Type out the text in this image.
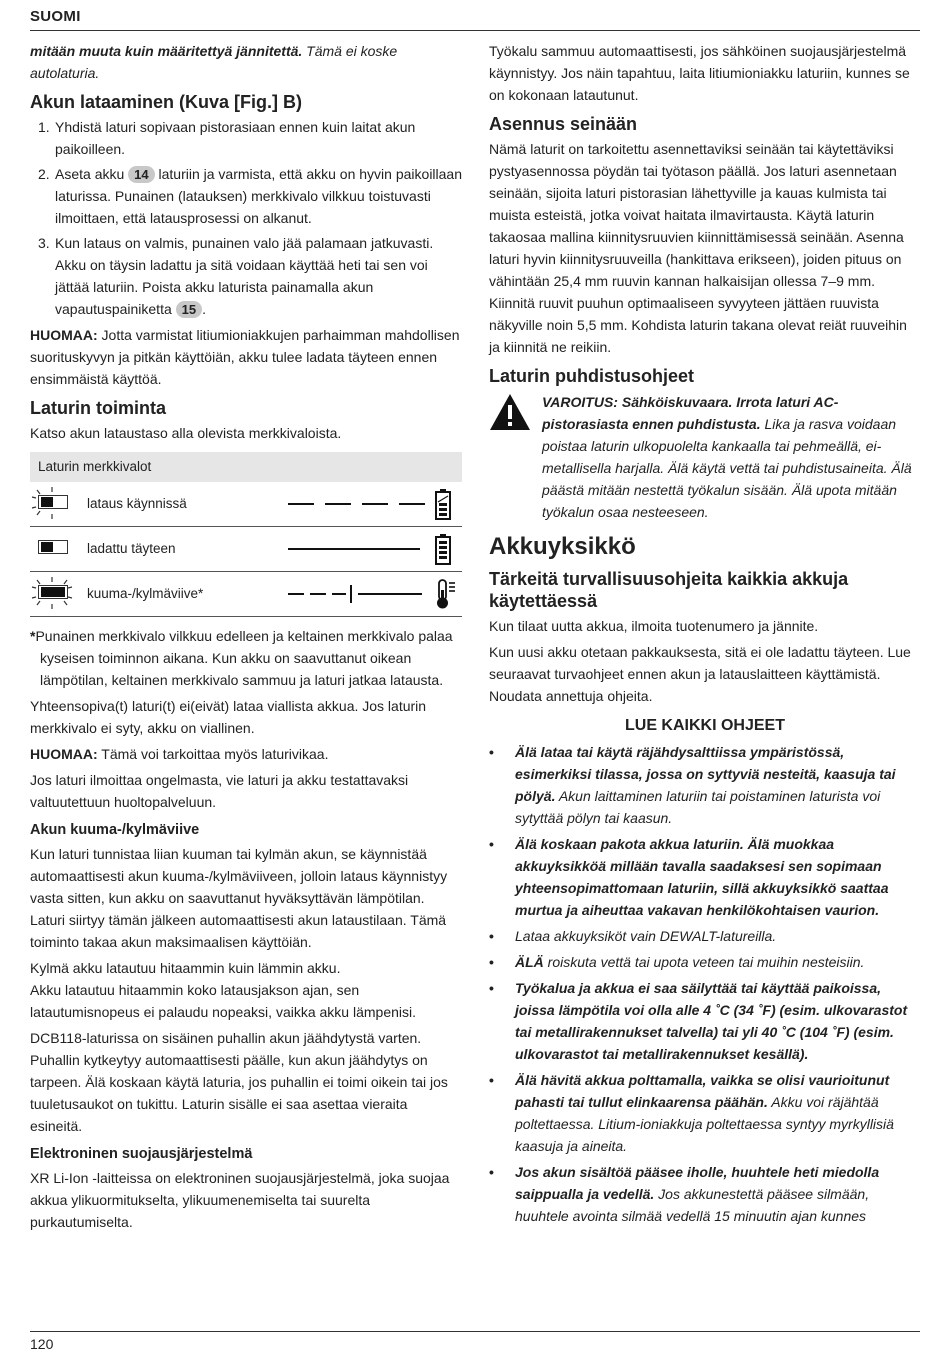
SUOMI

mitään muuta kuin määritettyä jännitettä. Tämä ei koske autolaturia.

Akun lataaminen (Kuva [Fig.] B)
1. Yhdistä laturi sopivaan pistorasiaan ennen kuin laitat akun paikoilleen.
2. Aseta akku 14 laturiin ja varmista, että akku on hyvin paikoillaan laturissa. Punainen (latauksen) merkkivalo vilkkuu toistuvasti ilmoittaen, että latausprosessi on alkanut.
3. Kun lataus on valmis, punainen valo jää palamaan jatkuvasti. Akku on täysin ladattu ja sitä voidaan käyttää heti tai sen voi jättää laturiin. Poista akku laturista painamalla akun vapautuspainiketta 15 .

HUOMAA: Jotta varmistat litiumioniakkujen parhaimman mahdollisen suorituskyvyn ja pitkän käyttöiän, akku tulee ladata täyteen ennen ensimmäistä käyttöä.

Laturin toiminta

Katso akun lataustaso alla olevista merkkivaloista.

Laturin merkkivalot
lataus käynnissä
ladattu täyteen
kuuma-/kylmäviive*

*Punainen merkkivalo vilkkuu edelleen ja keltainen merkkivalo palaa kyseisen toiminnon aikana. Kun akku on saavuttanut oikean lämpötilan, keltainen merkkivalo sammuu ja laturi jatkaa latausta.

Yhteensopiva(t) laturi(t) ei(eivät) lataa viallista akkua. Jos laturin merkkivalo ei syty, akku on viallinen.

HUOMAA: Tämä voi tarkoittaa myös laturivikaa.

Jos laturi ilmoittaa ongelmasta, vie laturi ja akku testattavaksi valtuutettuun huoltopalveluun.

Akun kuuma-/kylmäviive

Kun laturi tunnistaa liian kuuman tai kylmän akun, se käynnistää automaattisesti akun kuuma-/kylmäviiveen, jolloin lataus käynnistyy vasta sitten, kun akku on saavuttanut hyväksyttävän lämpötilan. Laturi siirtyy tämän jälkeen automaattisesti akun lataustilaan. Tämä toiminto takaa akun maksimaalisen käyttöiän.

Kylmä akku latautuu hitaammin kuin lämmin akku.

Akku latautuu hitaammin koko latausjakson ajan, sen latautumisnopeus ei palaudu nopeaksi, vaikka akku lämpenisi.

DCB118-laturissa on sisäinen puhallin akun jäähdytystä varten. Puhallin kytkeytyy automaattisesti päälle, kun akun jäähdytys on tarpeen. Älä koskaan käytä laturia, jos puhallin ei toimi oikein tai jos tuuletusaukot on tukittu. Laturin sisälle ei saa asettaa vieraita esineitä.

Elektroninen suojausjärjestelmä

XR Li-Ion -laitteissa on elektroninen suojausjärjestelmä, joka suojaa akkua ylikuormitukselta, ylikuumenemiselta tai suurelta purkautumiselta.

Työkalu sammuu automaattisesti, jos sähköinen suojausjärjestelmä käynnistyy. Jos näin tapahtuu, laita litiumioniakku laturiin, kunnes se on kokonaan latautunut.

Asennus seinään

Nämä laturit on tarkoitettu asennettaviksi seinään tai käytettäviksi pystyasennossa pöydän tai työtason päällä. Jos laturi asennetaan seinään, sijoita laturi pistorasian lähettyville ja kauas kulmista tai muista esteistä, jotka voivat haitata ilmavirtausta. Käytä laturin takaosaa mallina kiinnitysruuvien kiinnittämisessä seinään. Asenna laturi hyvin kiinnitysruuveilla (hankittava erikseen), joiden pituus on vähintään 25,4 mm ruuvin kannan halkaisijan ollessa 7–9 mm. Kiinnitä ruuvit puuhun optimaaliseen syvyyteen jättäen ruuvista näkyville noin 5,5 mm. Kohdista laturin takana olevat reiät ruuveihin ja kiinnitä ne reikiin.

Laturin puhdistusohjeet
VAROITUS: Sähköiskuvaara. Irrota laturi AC-pistorasiasta ennen puhdistusta. Lika ja rasva voidaan poistaa laturin ulkopuolelta kankaalla tai pehmeällä, ei-metallisella harjalla. Älä käytä vettä tai puhdistusaineita. Älä päästä mitään nestettä työkalun sisään. Älä upota mitään työkalun osaa nesteeseen.
Akkuyksikkö
Tärkeitä turvallisuusohjeita kaikkia akkuja käytettäessä

Kun tilaat uutta akkua, ilmoita tuotenumero ja jännite.

Kun uusi akku otetaan pakkauksesta, sitä ei ole ladattu täyteen. Lue seuraavat turvaohjeet ennen akun ja latauslaitteen käyttämistä. Noudata annettuja ohjeita.

LUE KAIKKI OHJEET
• Älä lataa tai käytä räjähdysalttiissa ympäristössä, esimerkiksi tilassa, jossa on syttyviä nesteitä, kaasuja tai pölyä. Akun laittaminen laturiin tai poistaminen laturista voi sytyttää pölyn tai kaasun.
• Älä koskaan pakota akkua laturiin. Älä muokkaa akkuyksikköä millään tavalla saadaksesi sen sopimaan yhteensopimattomaan laturiin, sillä akkuyksikkö saattaa murtua ja aiheuttaa vakavan henkilökohtaisen vaurion.
• Lataa akkuyksiköt vain DEWALT-latureilla.
• ÄLÄ roiskuta vettä tai upota veteen tai muihin nesteisiin.
• Työkalua ja akkua ei saa säilyttää tai käyttää paikoissa, joissa lämpötila voi olla alle 4 ˚C (34 ˚F) (esim. ulkovarastot tai metallirakennukset talvella) tai yli 40 ˚C (104 ˚F) (esim. ulkovarastot tai metallirakennukset kesällä).
• Älä hävitä akkua polttamalla, vaikka se olisi vaurioitunut pahasti tai tullut elinkaarensa päähän. Akku voi räjähtää poltettaessa. Litium-ioniakkuja poltettaessa syntyy myrkyllisiä kaasuja ja aineita.
• Jos akun sisältöä pääsee iholle, huuhtele heti miedolla saippualla ja vedellä. Jos akkunestettä pääsee silmään, huuhtele avointa silmää vedellä 15 minuutin ajan kunnes
120
